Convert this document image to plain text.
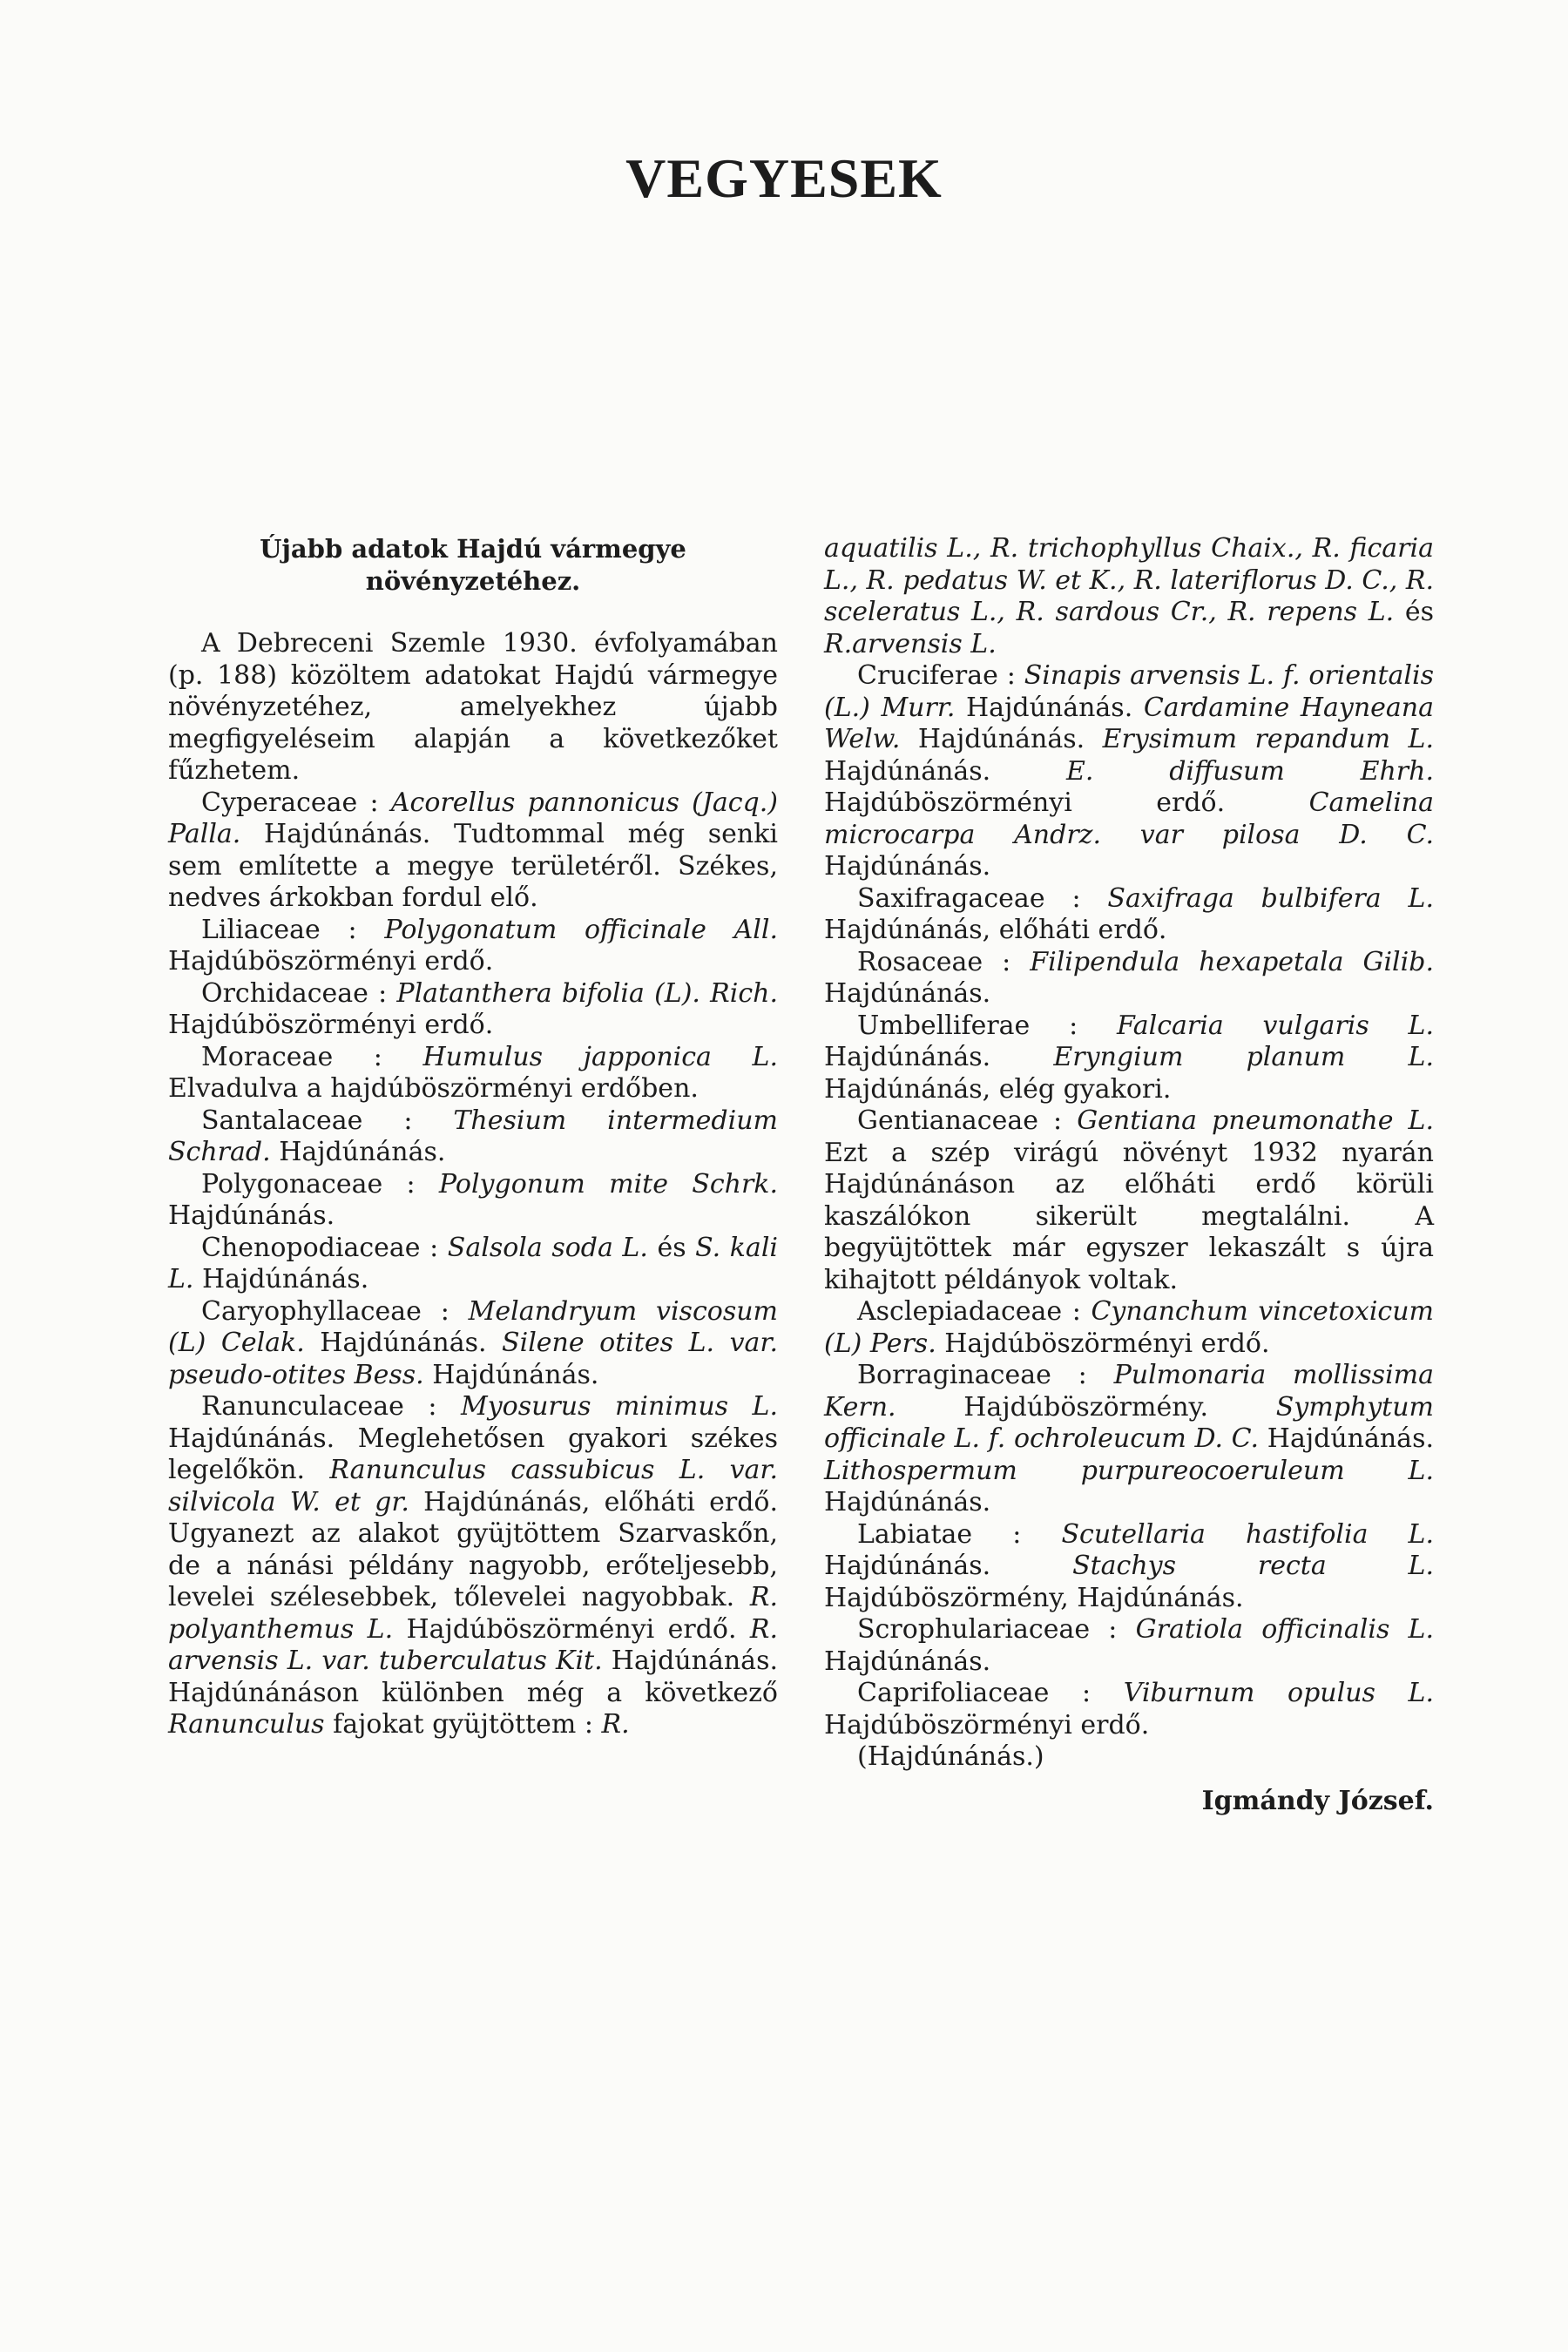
VEGYESEK

Újabb adatok Hajdú vármegye növényzetéhez.

A Debreceni Szemle 1930. évfolyamában (p. 188) közöltem adatokat Hajdú vármegye növényzetéhez, amelyekhez újabb megfigyeléseim alapján a következőket fűzhetem.

Cyperaceae : Acorellus pannonicus (Jacq.) Palla. Hajdúnánás. Tudtommal még senki sem említette a megye területéről. Székes, nedves árkokban fordul elő.

Liliaceae : Polygonatum officinale All. Hajdúböszörményi erdő.

Orchidaceae : Platanthera bifolia (L). Rich. Hajdúböszörményi erdő.

Moraceae : Humulus japponica L. Elvadulva a hajdúböszörményi erdőben.

Santalaceae : Thesium intermedium Schrad. Hajdúnánás.

Polygonaceae : Polygonum mite Schrk. Hajdúnánás.

Chenopodiaceae : Salsola soda L. és S. kali L. Hajdúnánás.

Caryophyllaceae : Melandryum viscosum (L) Celak. Hajdúnánás. Silene otites L. var. pseudo-otites Bess. Hajdúnánás.

Ranunculaceae : Myosurus minimus L. Hajdúnánás. Meglehetősen gyakori székes legelőkön. Ranunculus cassubicus L. var. silvicola W. et gr. Hajdúnánás, előháti erdő. Ugyanezt az alakot gyüjtöttem Szarvaskőn, de a nánási példány nagyobb, erőteljesebb, levelei szélesebbek, tőlevelei nagyobbak. R. polyanthemus L. Hajdúböszörményi erdő. R. arvensis L. var. tuberculatus Kit. Hajdúnánás. Hajdúnánáson különben még a következő Ranunculus fajokat gyüjtöttem : R.

aquatilis L., R. trichophyllus Chaix., R. ficaria L., R. pedatus W. et K., R. lateriflorus D. C., R. sceleratus L., R. sardous Cr., R. repens L. és R.arvensis L.

Cruciferae : Sinapis arvensis L. f. orientalis (L.) Murr. Hajdúnánás. Cardamine Hayneana Welw. Hajdúnánás. Erysimum repandum L. Hajdúnánás. E. diffusum Ehrh. Hajdúböszörményi erdő. Camelina microcarpa Andrz. var pilosa D. C. Hajdúnánás.

Saxifragaceae : Saxifraga bulbifera L. Hajdúnánás, előháti erdő.

Rosaceae : Filipendula hexapetala Gilib. Hajdúnánás.

Umbelliferae : Falcaria vulgaris L. Hajdúnánás. Eryngium planum L. Hajdúnánás, elég gyakori.

Gentianaceae : Gentiana pneumonathe L. Ezt a szép virágú növényt 1932 nyarán Hajdúnánáson az előháti erdő körüli kaszálókon sikerült megtalálni. A begyüjtöttek már egyszer lekaszált s újra kihajtott példányok voltak.

Asclepiadaceae : Cynanchum vincetoxicum (L) Pers. Hajdúböszörményi erdő.

Borraginaceae : Pulmonaria mollissima Kern. Hajdúböszörmény. Symphytum officinale L. f. ochroleucum D. C. Hajdúnánás. Lithospermum purpureocoeruleum L. Hajdúnánás.

Labiatae : Scutellaria hastifolia L. Hajdúnánás. Stachys recta L. Hajdúböszörmény, Hajdúnánás.

Scrophulariaceae : Gratiola officinalis L. Hajdúnánás.

Caprifoliaceae : Viburnum opulus L. Hajdúböszörményi erdő.

(Hajdúnánás.)

Igmándy József.
